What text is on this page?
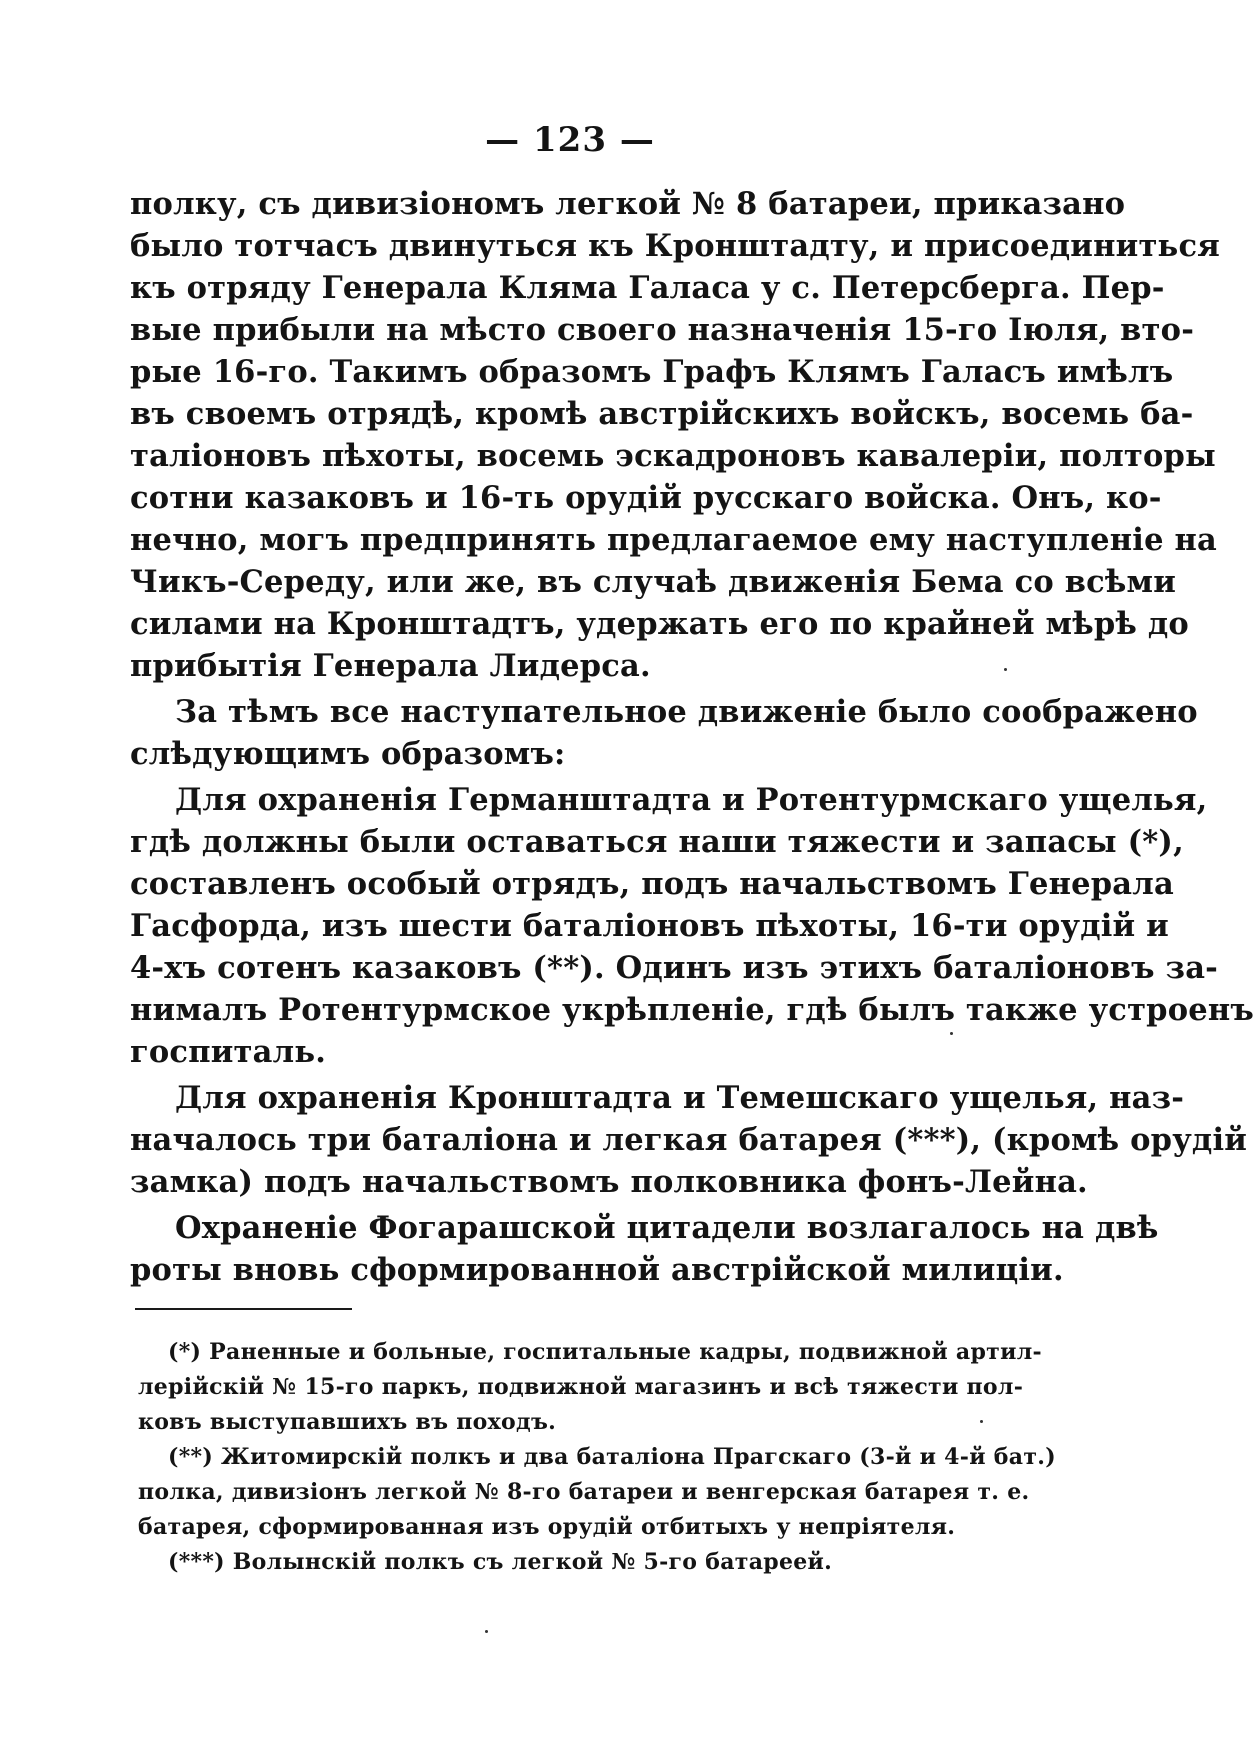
— 123 —
полку, съ дивизiономъ легкой № 8 батареи, приказано
было тотчасъ двинуться къ Кронштадту, и присоединиться
къ отряду Генерала Кляма Галаса у с. Петерсберга. Пер-
вые прибыли на мѣсто своего назначенiя 15-го Iюля, вто-
рые 16-го. Такимъ образомъ Графъ Клямъ Галасъ имѣлъ
въ своемъ отрядѣ, кромѣ австрiйскихъ войскъ, восемь ба-
таліоновъ пѣхоты, восемь эскадроновъ кавалерiи, полторы
сотни казаковъ и 16-ть орудiй русскаго войска. Онъ, ко-
нечно, могъ предпринять предлагаемое ему наступленiе на
Чикъ-Середу, или же, въ случаѣ движенiя Бема со всѣми
силами на Кронштадтъ, удержать его по крайней мѣрѣ до
прибытiя Генерала Лидерса.
За тѣмъ все наступательное движенiе было соображено
слѣдующимъ образомъ:
Для охраненiя Германштадта и Ротентурмскаго ущелья,
гдѣ должны были оставаться наши тяжести и запасы (*),
составленъ особый отрядъ, подъ начальствомъ Генерала
Гасфорда, изъ шести баталiоновъ пѣхоты, 16-ти орудiй и
4-хъ сотенъ казаковъ (**). Одинъ изъ этихъ баталiоновъ за-
нималъ Ротентурмское укрѣпленiе, гдѣ былъ также устроенъ
госпиталь.
Для охраненiя Кронштадта и Темешскаго ущелья, наз-
началось три баталiона и легкая батарея (***), (кромѣ орудiй
замка) подъ начальствомъ полковника фонъ-Лейна.
Охраненiе Фогарашской цитадели возлагалось на двѣ
роты вновь сформированной австрiйской милицiи.
(*) Раненные и больные, госпитальные кадры, подвижной артил-
лерiйскiй № 15-го паркъ, подвижной магазинъ и всѣ тяжести пол-
ковъ выступавшихъ въ походъ.
(**) Житомирскiй полкъ и два баталiона Прагскаго (3-й и 4-й бат.)
полка, дивизiонъ легкой № 8-го батареи и венгерская батарея т. е.
батарея, сформированная изъ орудiй отбитыхъ у непрiятеля.
(***) Волынскiй полкъ съ легкой № 5-го батареей.
